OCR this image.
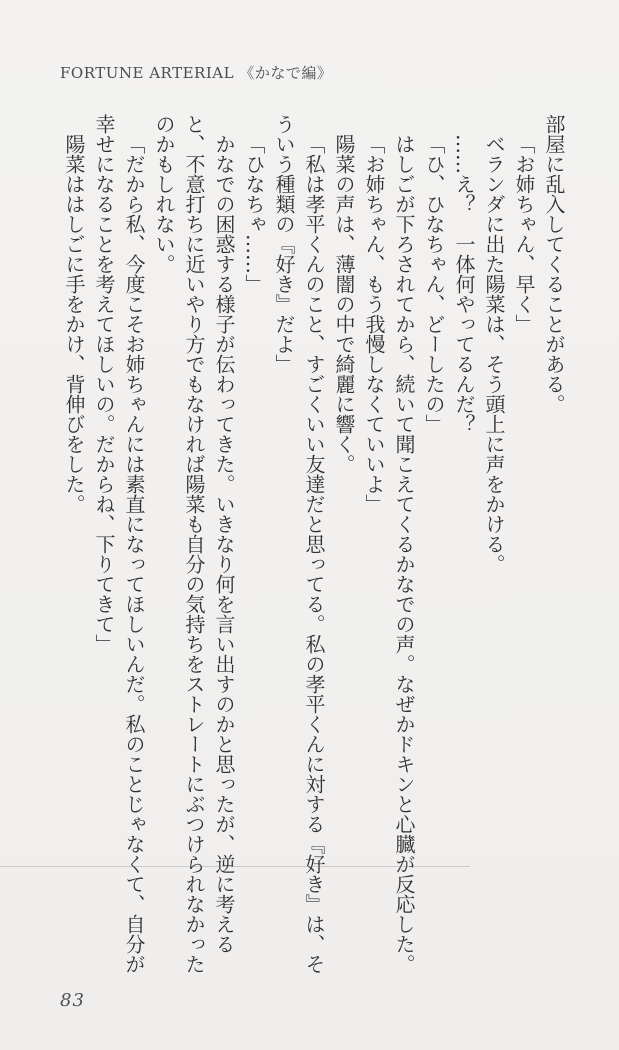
FORTUNE ARTERIAL 《かなで編》

部屋に乱入してくることがある。

「お姉ちゃん、早く」

ベランダに出た陽菜は、そう頭上に声をかける。

……え？　一体何やってるんだ？

「ひ、ひなちゃん、どーしたの」

はしごが下ろされてから、続いて聞こえてくるかなでの声。なぜかドキンと心臓が反応した。

「お姉ちゃん、もう我慢しなくていいよ」

陽菜の声は、薄闇の中で綺麗に響く。

「私は孝平くんのこと、すごくいい友達だと思ってる。私の孝平くんに対する『好き』は、そういう種類の『好き』だよ」

「ひなちゃ……」

かなでの困惑する様子が伝わってきた。いきなり何を言い出すのかと思ったが、逆に考えると、不意打ちに近いやり方でもなければ陽菜も自分の気持ちをストレートにぶつけられなかったのかもしれない。

「だから私、今度こそお姉ちゃんには素直になってほしいんだ。私のことじゃなくて、自分が幸せになることを考えてほしいの。だからね、下りてきて」

陽菜ははしごに手をかけ、背伸びをした。

83
